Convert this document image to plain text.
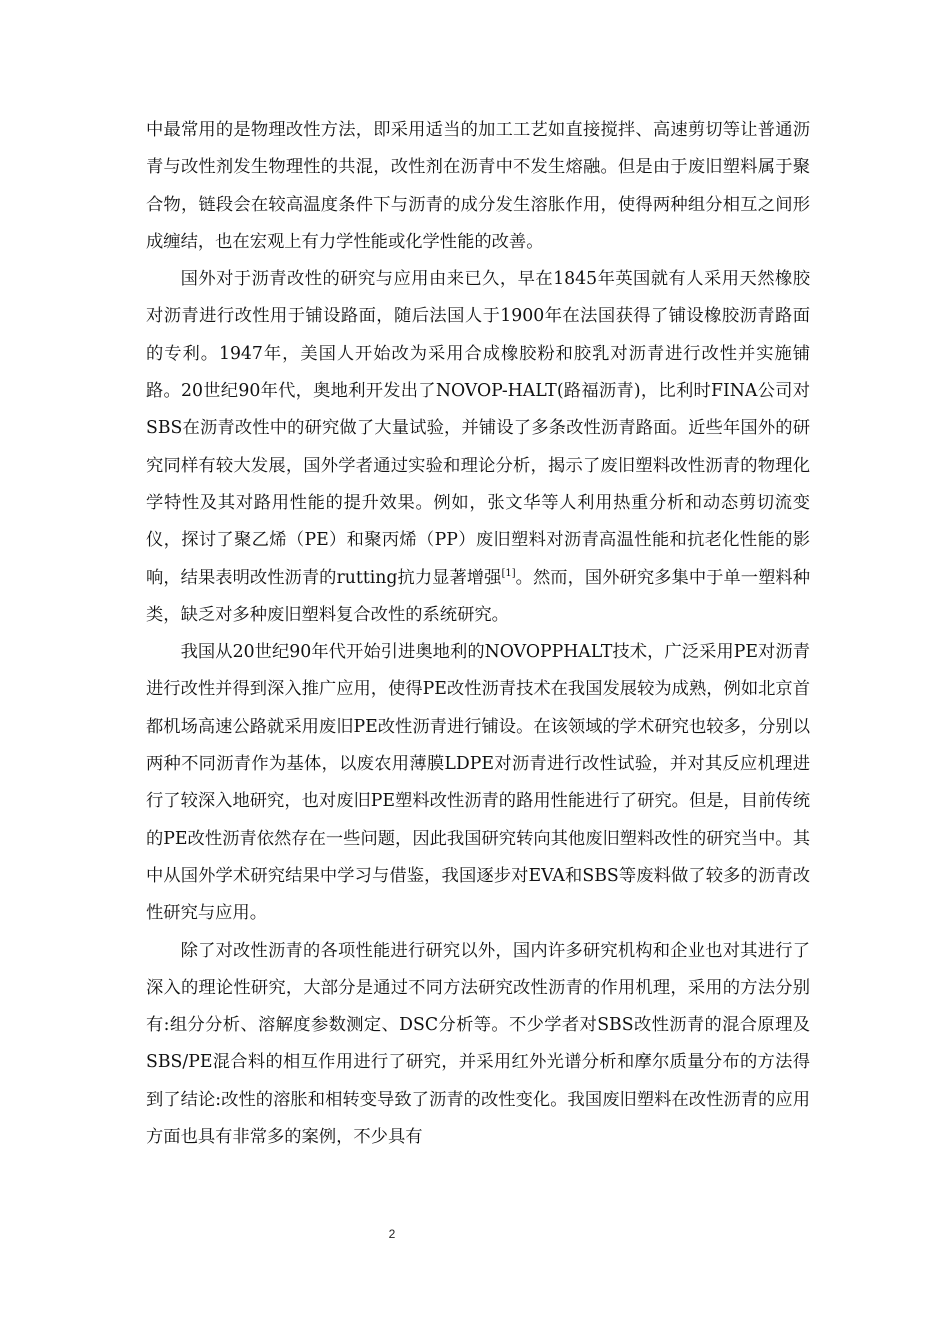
中最常用的是物理改性方法，即采用适当的加工工艺如直接搅拌、高速剪切等让普通沥青与改性剂发生物理性的共混，改性剂在沥青中不发生熔融。但是由于废旧塑料属于聚合物，链段会在较高温度条件下与沥青的成分发生溶胀作用，使得两种组分相互之间形成缠结，也在宏观上有力学性能或化学性能的改善。

国外对于沥青改性的研究与应用由来已久，早在1845年英国就有人采用天然橡胶对沥青进行改性用于铺设路面，随后法国人于1900年在法国获得了铺设橡胶沥青路面的专利。1947年，美国人开始改为采用合成橡胶粉和胶乳对沥青进行改性并实施铺路。20世纪90年代，奥地利开发出了NOVOP-HALT(路福沥青)，比利时FINA公司对SBS在沥青改性中的研究做了大量试验，并铺设了多条改性沥青路面。近些年国外的研究同样有较大发展，国外学者通过实验和理论分析，揭示了废旧塑料改性沥青的物理化学特性及其对路用性能的提升效果。例如，张文华等人利用热重分析和动态剪切流变仪，探讨了聚乙烯（PE）和聚丙烯（PP）废旧塑料对沥青高温性能和抗老化性能的影响，结果表明改性沥青的rutting抗力显著增强[1]。然而，国外研究多集中于单一塑料种类，缺乏对多种废旧塑料复合改性的系统研究。

我国从20世纪90年代开始引进奥地利的NOVOPPHALT技术，广泛采用PE对沥青进行改性并得到深入推广应用，使得PE改性沥青技术在我国发展较为成熟，例如北京首都机场高速公路就采用废旧PE改性沥青进行铺设。在该领域的学术研究也较多，分别以两种不同沥青作为基体，以废农用薄膜LDPE对沥青进行改性试验，并对其反应机理进行了较深入地研究，也对废旧PE塑料改性沥青的路用性能进行了研究。但是，目前传统的PE改性沥青依然存在一些问题，因此我国研究转向其他废旧塑料改性的研究当中。其中从国外学术研究结果中学习与借鉴，我国逐步对EVA和SBS等废料做了较多的沥青改性研究与应用。

除了对改性沥青的各项性能进行研究以外，国内许多研究机构和企业也对其进行了深入的理论性研究，大部分是通过不同方法研究改性沥青的作用机理，采用的方法分别有:组分分析、溶解度参数测定、DSC分析等。不少学者对SBS改性沥青的混合原理及SBS/PE混合料的相互作用进行了研究，并采用红外光谱分析和摩尔质量分布的方法得到了结论:改性的溶胀和相转变导致了沥青的改性变化。我国废旧塑料在改性沥青的应用方面也具有非常多的案例，不少具有

2
